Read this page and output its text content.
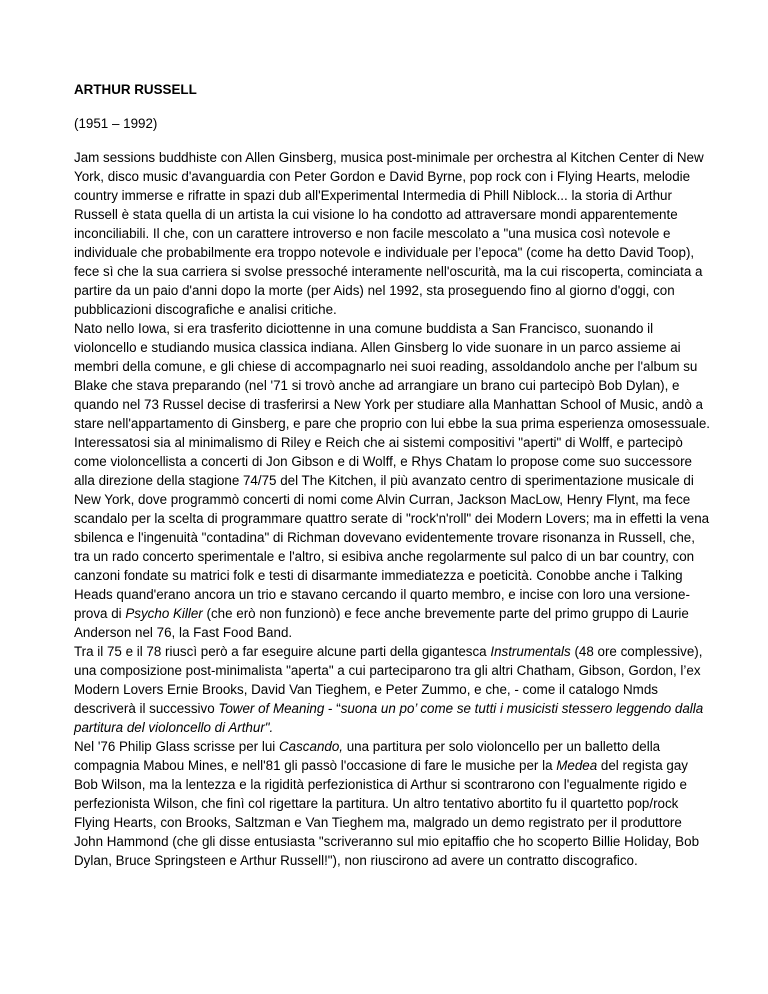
ARTHUR RUSSELL

(1951 – 1992)

Jam sessions buddhiste con Allen Ginsberg, musica post-minimale per orchestra al Kitchen Center di New York, disco music d'avanguardia con Peter Gordon e David Byrne, pop rock con i Flying Hearts, melodie country immerse e rifratte in spazi dub all'Experimental Intermedia di Phill Niblock... la storia di Arthur Russell è stata quella di un artista la cui visione lo ha condotto ad attraversare mondi apparentemente inconciliabili. Il che, con un carattere introverso e non facile mescolato a "una musica così notevole e individuale che probabilmente era troppo notevole e individuale per l’epoca" (come ha detto David Toop), fece sì che la sua carriera si svolse pressoché interamente nell'oscurità, ma la cui riscoperta, cominciata a partire da un paio d'anni dopo la morte (per Aids) nel 1992, sta proseguendo fino al giorno d'oggi, con pubblicazioni discografiche e analisi critiche.

Nato nello Iowa, si era trasferito diciottenne in una comune buddista a San Francisco, suonando il violoncello e studiando musica classica indiana. Allen Ginsberg lo vide suonare in un parco assieme ai membri della comune, e gli chiese di accompagnarlo nei suoi reading, assoldandolo anche per l'album su Blake che stava preparando (nel '71 si trovò anche ad arrangiare un brano cui partecipò Bob Dylan), e quando nel 73 Russel decise di trasferirsi a New York per studiare alla Manhattan School of Music, andò a stare nell'appartamento di Ginsberg, e pare che proprio con lui ebbe la sua prima esperienza omosessuale. Interessatosi sia al minimalismo di Riley e Reich che ai sistemi compositivi "aperti" di Wolff, e partecipò come violoncellista a concerti di Jon Gibson e di Wolff, e Rhys Chatam lo propose come suo successore alla direzione della stagione 74/75 del The Kitchen, il più avanzato centro di sperimentazione musicale di New York, dove programmò concerti di nomi come Alvin Curran, Jackson MacLow, Henry Flynt, ma fece scandalo per la scelta di programmare quattro serate di "rock'n'roll" dei Modern Lovers; ma in effetti la vena sbilenca e l'ingenuità "contadina" di Richman dovevano evidentemente trovare risonanza in Russell, che, tra un rado concerto sperimentale e l'altro, si esibiva anche regolarmente sul palco di un bar country, con canzoni fondate su matrici folk e testi di disarmante immediatezza e poeticità. Conobbe anche i Talking Heads quand'erano ancora un trio e stavano cercando il quarto membro, e incise con loro una versione-prova di Psycho Killer (che erò non funzionò) e fece anche brevemente parte del primo gruppo di Laurie Anderson nel 76, la Fast Food Band.

Tra il 75 e il 78 riuscì però a far eseguire alcune parti della gigantesca Instrumentals (48 ore complessive), una composizione post-minimalista "aperta" a cui parteciparono tra gli altri Chatham, Gibson, Gordon, l’ex Modern Lovers Ernie Brooks, David Van Tieghem, e Peter Zummo, e che, - come il catalogo Nmds descriverà il successivo Tower of Meaning - “suona un po’ come se tutti i musicisti stessero leggendo dalla partitura del violoncello di Arthur".

Nel '76 Philip Glass scrisse per lui Cascando, una partitura per solo violoncello per un balletto della compagnia Mabou Mines, e nell'81 gli passò l'occasione di fare le musiche per la Medea del regista gay Bob Wilson, ma la lentezza e la rigidità perfezionistica di Arthur si scontrarono con l'egualmente rigido e perfezionista Wilson, che finì col rigettare la partitura. Un altro tentativo abortito fu il quartetto pop/rock Flying Hearts, con Brooks, Saltzman e Van Tieghem ma, malgrado un demo registrato per il produttore John Hammond (che gli disse entusiasta "scriveranno sul mio epitaffio che ho scoperto Billie Holiday, Bob Dylan, Bruce Springsteen e Arthur Russell!"), non riuscirono ad avere un contratto discografico.
